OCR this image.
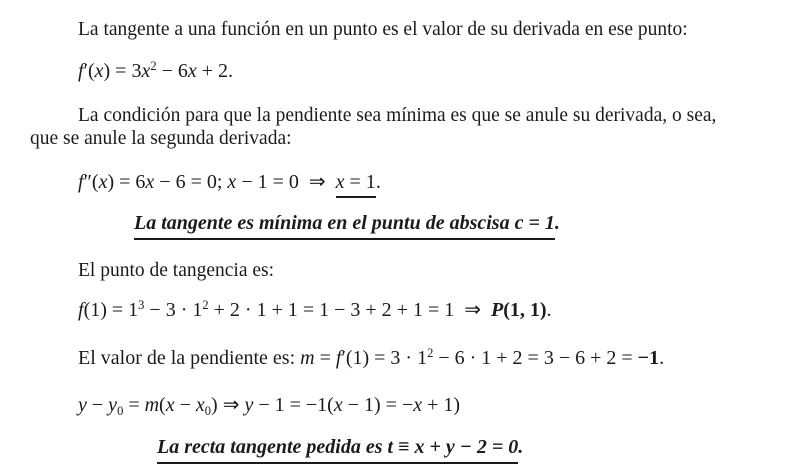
La tangente a una función en un punto es el valor de su derivada en ese punto:
$f'(x) = 3x^2 - 6x + 2$.
La condición para que la pendiente sea mínima es que se anule su derivada, o sea, que se anule la segunda derivada:
f″(x) = 6x − 6 = 0; x − 1 = 0  ⇒  x = 1.
La tangente es mínima en el puntu de abscisa c = 1.
El punto de tangencia es:
$f(1) = 1^3 - 3 \cdot 1^2 + 2 \cdot 1 + 1 = 1 - 3 + 2 + 1 = 1$  ⇒  P(1, 1).
El valor de la pendiente es: $m = f'(1) = 3 \cdot 1^2 - 6 \cdot 1 + 2 = 3 - 6 + 2 = -1$.
$y - y_0 = m(x - x_0)$ ⇒ y − 1 = −1(x − 1) = −x + 1)
La recta tangente pedida es t ≡ x + y − 2 = 0.
